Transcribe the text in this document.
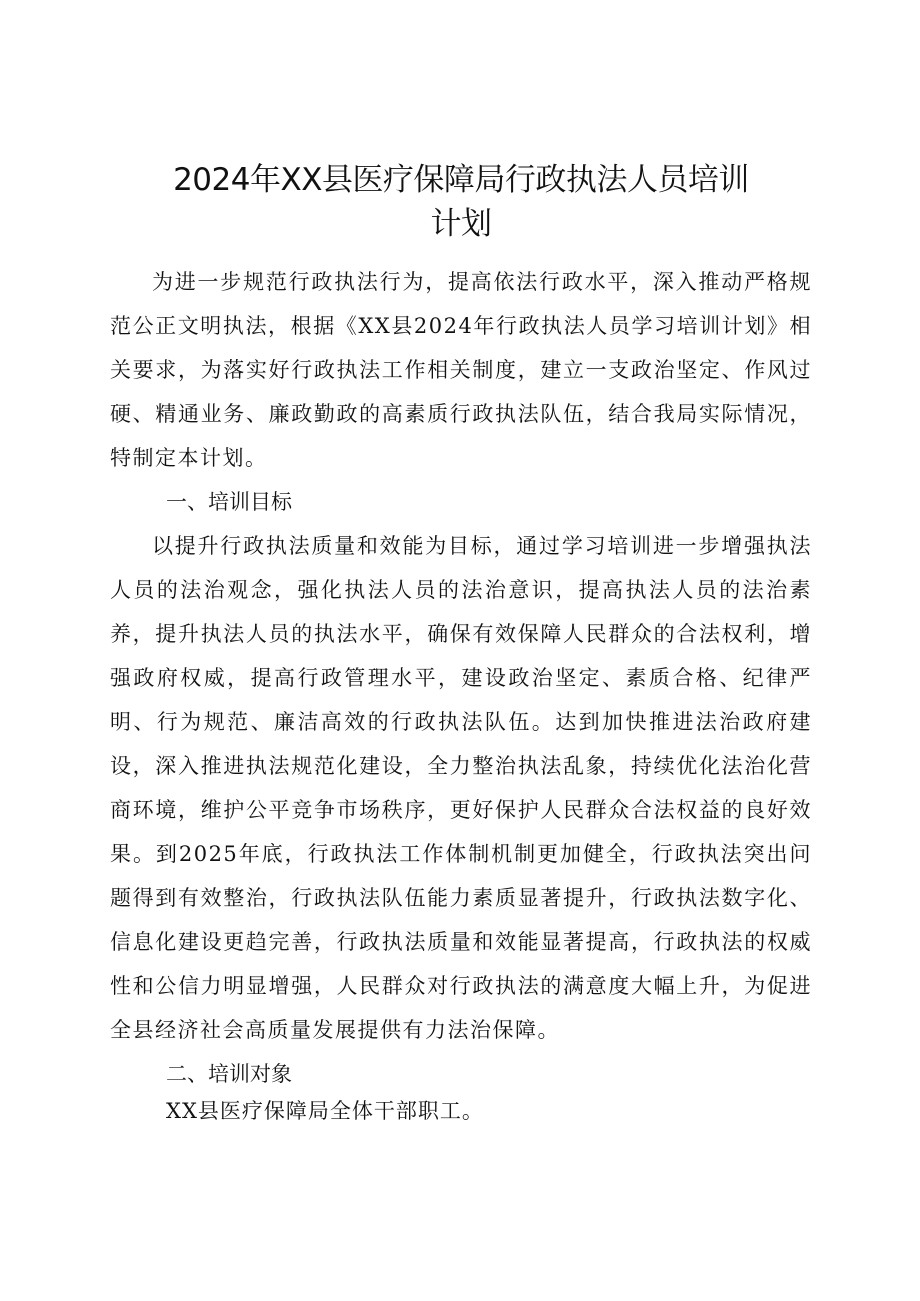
2024年XX县医疗保障局行政执法人员培训
计划

为进一步规范行政执法行为，提高依法行政水平，深入推动严格规范公正文明执法，根据《XX县2024年行政执法人员学习培训计划》相关要求，为落实好行政执法工作相关制度，建立一支政治坚定、作风过硬、精通业务、廉政勤政的高素质行政执法队伍，结合我局实际情况，特制定本计划。

一、培训目标

以提升行政执法质量和效能为目标，通过学习培训进一步增强执法人员的法治观念，强化执法人员的法治意识，提高执法人员的法治素养，提升执法人员的执法水平，确保有效保障人民群众的合法权利，增强政府权威，提高行政管理水平，建设政治坚定、素质合格、纪律严明、行为规范、廉洁高效的行政执法队伍。达到加快推进法治政府建设，深入推进执法规范化建设，全力整治执法乱象，持续优化法治化营商环境，维护公平竞争市场秩序，更好保护人民群众合法权益的良好效果。到2025年底，行政执法工作体制机制更加健全，行政执法突出问题得到有效整治，行政执法队伍能力素质显著提升，行政执法数字化、信息化建设更趋完善，行政执法质量和效能显著提高，行政执法的权威性和公信力明显增强，人民群众对行政执法的满意度大幅上升，为促进全县经济社会高质量发展提供有力法治保障。

二、培训对象

XX县医疗保障局全体干部职工。
